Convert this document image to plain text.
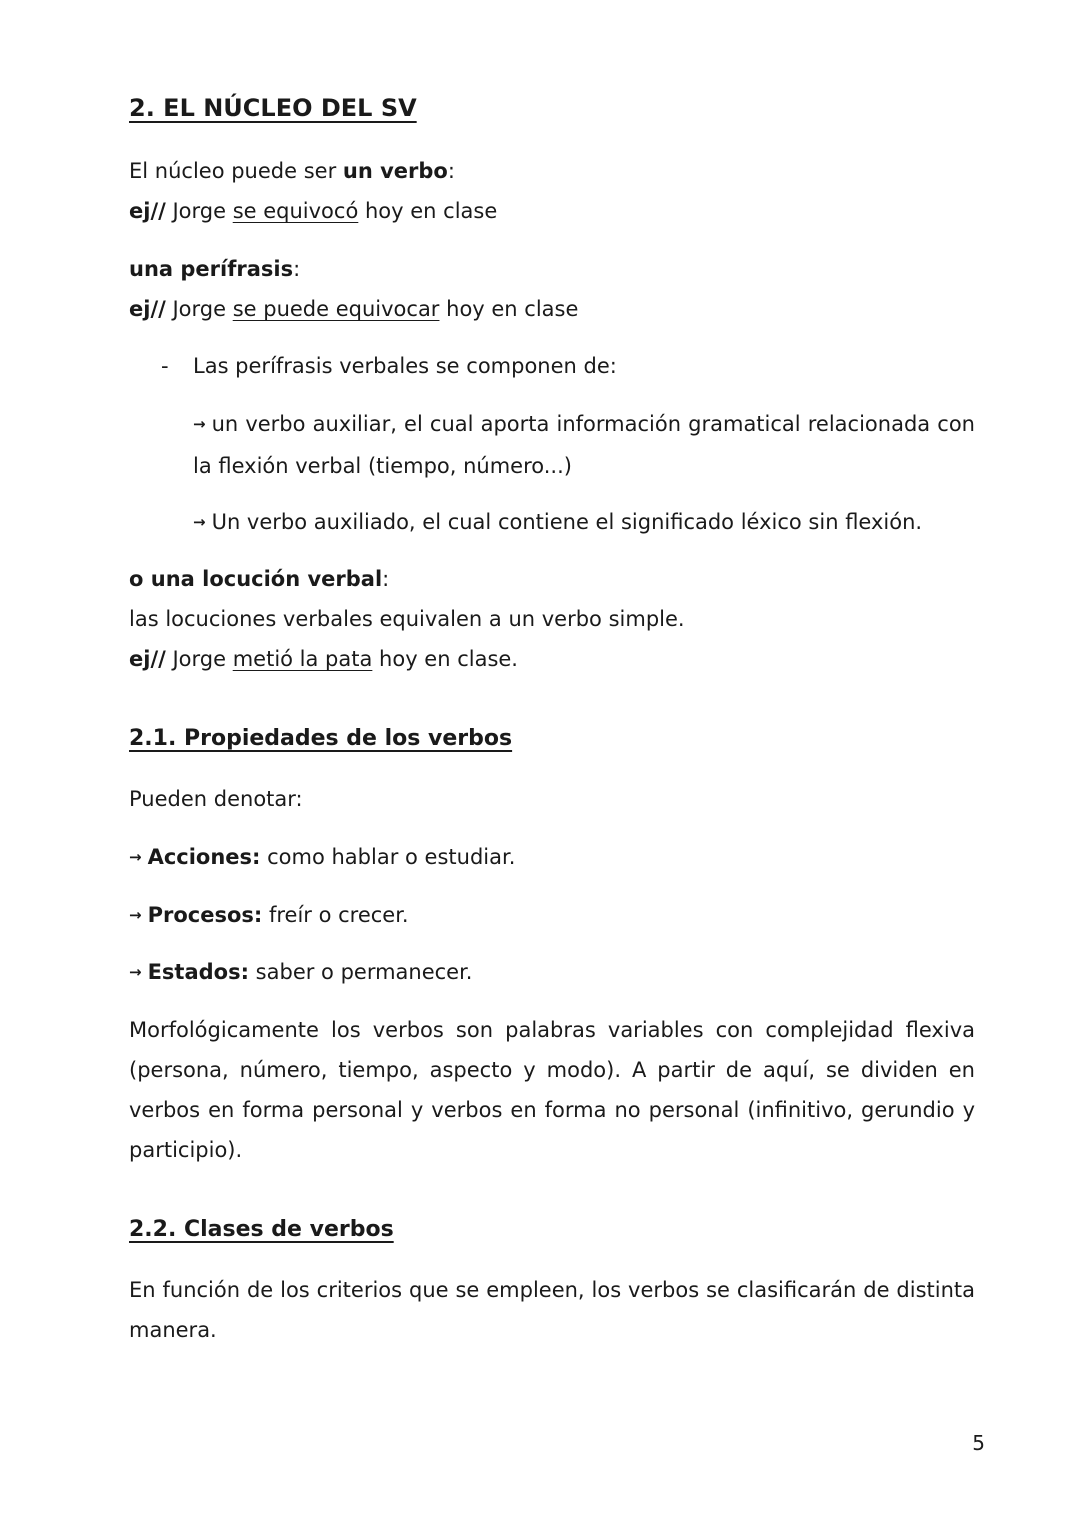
2. EL NÚCLEO DEL SV
El núcleo puede ser un verbo:
ej// Jorge se equivocó hoy en clase
una perífrasis:
ej// Jorge se puede equivocar hoy en clase
- Las perífrasis verbales se componen de:
→ un verbo auxiliar, el cual aporta información gramatical relacionada con la flexión verbal (tiempo, número...)
→ Un verbo auxiliado, el cual contiene el significado léxico sin flexión.
o una locución verbal:
las locuciones verbales equivalen a un verbo simple.
ej// Jorge metió la pata hoy en clase.
2.1. Propiedades de los verbos
Pueden denotar:
→ Acciones: como hablar o estudiar.
→ Procesos: freír o crecer.
→ Estados: saber o permanecer.
Morfológicamente los verbos son palabras variables con complejidad flexiva (persona, número, tiempo, aspecto y modo). A partir de aquí, se dividen en verbos en forma personal y verbos en forma no personal (infinitivo, gerundio y participio).
2.2. Clases de verbos
En función de los criterios que se empleen, los verbos se clasificarán de distinta manera.
5
